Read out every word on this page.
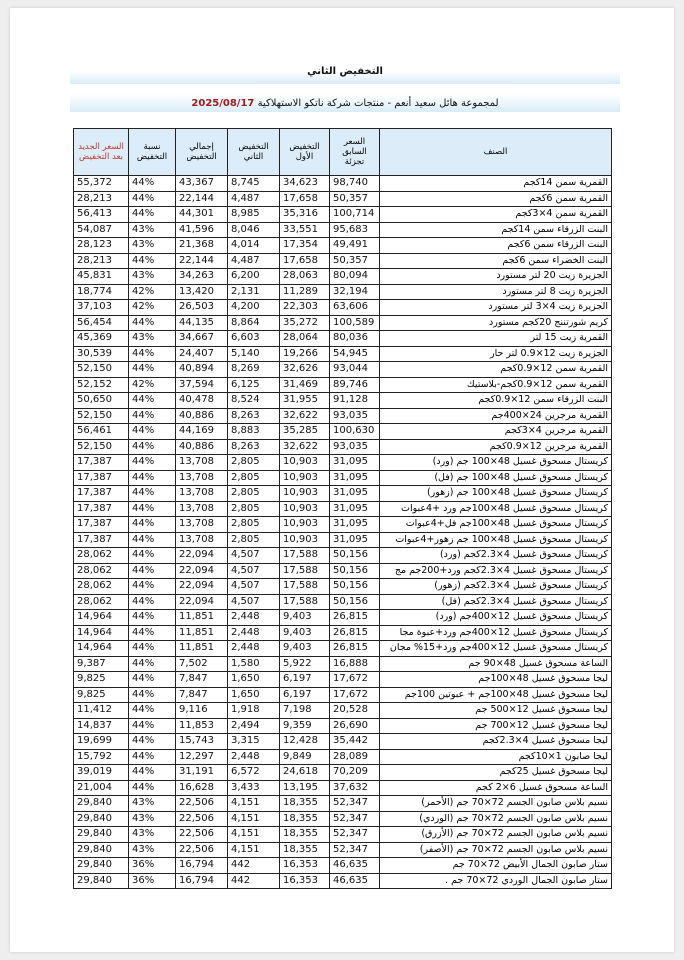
التخفيض الثاني
لمجموعة هائل سعيد أنعم - منتجات شركة ناتكو الاستهلاكية 2025/08/17
السعر الجديد بعد التخفيض	نسبة التخفيض	إجمالي التخفيض	التخفيض الثاني	التخفيض الأول	السعر السابق تجزئة	الصنف
55,372	44%	43,367	8,745	34,623	98,740	القمرية سمن 14كجم
28,213	44%	22,144	4,487	17,658	50,357	القمرية سمن 6كجم
56,413	44%	44,301	8,985	35,316	100,714	القمرية سمن 4×3كجم
54,087	43%	41,596	8,046	33,551	95,683	البنت الزرقاء سمن 14كجم
28,123	43%	21,368	4,014	17,354	49,491	البنت الزرقاء سمن 6كجم
28,213	44%	22,144	4,487	17,658	50,357	البنت الخضراء سمن 6كجم
45,831	43%	34,263	6,200	28,063	80,094	الجزيرة زيت 20 لتر مستورد
18,774	42%	13,420	2,131	11,289	32,194	الجزيرة زيت 8 لتر مستورد
37,103	42%	26,503	4,200	22,303	63,606	الجزيرة زيت 4×3 لتر مستورد
56,454	44%	44,135	8,864	35,272	100,589	كريم شورتننج 20كجم مستورد
45,369	43%	34,667	6,603	28,064	80,036	القمرية زيت 15 لتر
30,539	44%	24,407	5,140	19,266	54,945	الجزيرة زيت 12×0.9 لتر حار
52,150	44%	40,894	8,269	32,626	93,044	القمرية سمن 12×0.9كجم
52,152	42%	37,594	6,125	31,469	89,746	القمرية سمن 12×0.9كجم-بلاستيك
50,650	44%	40,478	8,524	31,955	91,128	البنت الزرقاء سمن 12×0.9كجم
52,150	44%	40,886	8,263	32,622	93,035	القمرية مرجرين 24×400جم
56,461	44%	44,169	8,883	35,285	100,630	القمرية مرجرين 4×3كجم
52,150	44%	40,886	8,263	32,622	93,035	القمرية مرجرين 12×0.9كجم
17,387	44%	13,708	2,805	10,903	31,095	كريستال مسحوق غسيل 48×100 جم (ورد)
17,387	44%	13,708	2,805	10,903	31,095	كريستال مسحوق غسيل 48×100 جم (فل)
17,387	44%	13,708	2,805	10,903	31,095	كريستال مسحوق غسيل 48×100 جم (زهور)
17,387	44%	13,708	2,805	10,903	31,095	كريستال مسحوق غسيل 48×100جم ورد +4عبوات
17,387	44%	13,708	2,805	10,903	31,095	كريستال مسحوق غسيل 48×100جم فل+4عبوات
17,387	44%	13,708	2,805	10,903	31,095	كريستال مسحوق غسيل 48×100 جم زهور+4عبوات
28,062	44%	22,094	4,507	17,588	50,156	كريستال مسحوق غسيل 4×2.3كجم (ورد)
28,062	44%	22,094	4,507	17,588	50,156	كريستال مسحوق غسيل 4×2.3كجم ورد+200جم مج
28,062	44%	22,094	4,507	17,588	50,156	كريستال مسحوق غسيل 4×2.3كجم (زهور)
28,062	44%	22,094	4,507	17,588	50,156	كريستال مسحوق غسيل 4×2.3كجم (فل)
14,964	44%	11,851	2,448	9,403	26,815	كريستال مسحوق غسيل 12×400جم (ورد)
14,964	44%	11,851	2,448	9,403	26,815	كريستال مسحوق غسيل 12×400جم ورد+عبوة مجا
14,964	44%	11,851	2,448	9,403	26,815	كريستال مسحوق غسيل 12×400جم ورد+15% مجان
9,387	44%	7,502	1,580	5,922	16,888	الساعة مسحوق غسيل 48×90 جم
9,825	44%	7,847	1,650	6,197	17,672	ليجا مسحوق غسيل 48×100جم
9,825	44%	7,847	1,650	6,197	17,672	ليجا مسحوق غسيل 48×100جم + عبوتين 100جم
11,412	44%	9,116	1,918	7,198	20,528	ليجا مسحوق غسيل 12×500 جم
14,837	44%	11,853	2,494	9,359	26,690	ليجا مسحوق غسيل 12×700 جم
19,699	44%	15,743	3,315	12,428	35,442	ليجا مسحوق غسيل 4×2.3كجم
15,792	44%	12,297	2,448	9,849	28,089	ليجا صابون 1×10كجم
39,019	44%	31,191	6,572	24,618	70,209	ليجا مسحوق غسيل 25كجم
21,004	44%	16,628	3,433	13,195	37,632	الساعة مسحوق غسيل 6×2 كجم
29,840	43%	22,506	4,151	18,355	52,347	نسيم بلاس صابون الجسم 72×70 جم (الأحمر)
29,840	43%	22,506	4,151	18,355	52,347	نسيم بلاس صابون الجسم 72×70 جم (الوردي)
29,840	43%	22,506	4,151	18,355	52,347	نسيم بلاس صابون الجسم 72×70 جم (الأزرق)
29,840	43%	22,506	4,151	18,355	52,347	نسيم بلاس صابون الجسم 72×70 جم (الأصفر)
29,840	36%	16,794	442	16,353	46,635	ستار صابون الجمال الأبيض 72×70 جم
29,840	36%	16,794	442	16,353	46,635	ستار صابون الجمال الوردي 72×70 جم .
